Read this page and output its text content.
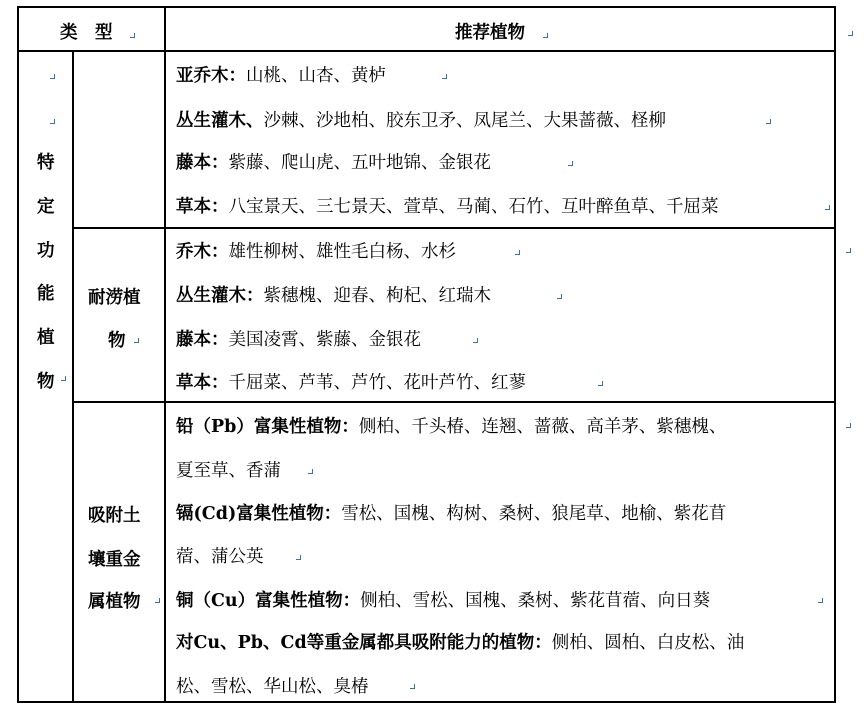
类　型	推荐植物
特
定
功
能
植
物
亚乔木：山桃、山杏、黄栌
丛生灌木、沙棘、沙地柏、胶东卫矛、凤尾兰、大果蔷薇、柽柳
藤本：紫藤、爬山虎、五叶地锦、金银花
草本：八宝景天、三七景天、萱草、马蔺、石竹、互叶醉鱼草、千屈菜
耐涝植
物
乔木：雄性柳树、雄性毛白杨、水杉
丛生灌木：紫穗槐、迎春、枸杞、红瑞木
藤本：美国凌霄、紫藤、金银花
草本：千屈菜、芦苇、芦竹、花叶芦竹、红蓼
吸附土
壤重金
属植物
铅（Pb）富集性植物：侧柏、千头椿、连翘、蔷薇、高羊茅、紫穗槐、
夏至草、香蒲
镉(Cd)富集性植物：雪松、国槐、构树、桑树、狼尾草、地榆、紫花苜
蓿、蒲公英
铜（Cu）富集性植物：侧柏、雪松、国槐、桑树、紫花苜蓿、向日葵
对Cu、Pb、Cd等重金属都具吸附能力的植物：侧柏、圆柏、白皮松、油
松、雪松、华山松、臭椿
